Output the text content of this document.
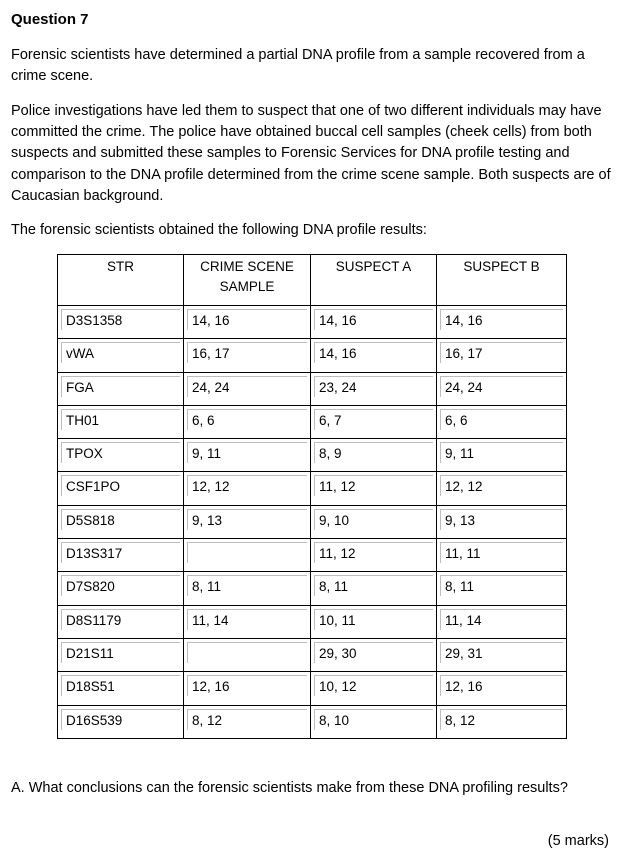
Question 7

Forensic scientists have determined a partial DNA profile from a sample recovered from a crime scene.

Police investigations have led them to suspect that one of two different individuals may have committed the crime. The police have obtained buccal cell samples (cheek cells) from both suspects and submitted these samples to Forensic Services for DNA profile testing and comparison to the DNA profile determined from the crime scene sample. Both suspects are of Caucasian background.

The forensic scientists obtained the following DNA profile results:

STR	CRIME SCENE SAMPLE	SUSPECT A	SUSPECT B

D3S1358	14, 16	14, 16	14, 16

vWA	16, 17	14, 16	16, 17

FGA	24, 24	23, 24	24, 24

TH01	6, 6	6, 7	6, 6

TPOX	9, 11	8, 9	9, 11

CSF1PO	12, 12	11, 12	12, 12

D5S818	9, 13	9, 10	9, 13

D13S317		11, 12	11, 11

D7S820	8, 11	8, 11	8, 11

D8S1179	11, 14	10, 11	11, 14

D21S11		29, 30	29, 31

D18S51	12, 16	10, 12	12, 16

D16S539	8, 12	8, 10	8, 12

A. What conclusions can the forensic scientists make from these DNA profiling results?

(5 marks)
